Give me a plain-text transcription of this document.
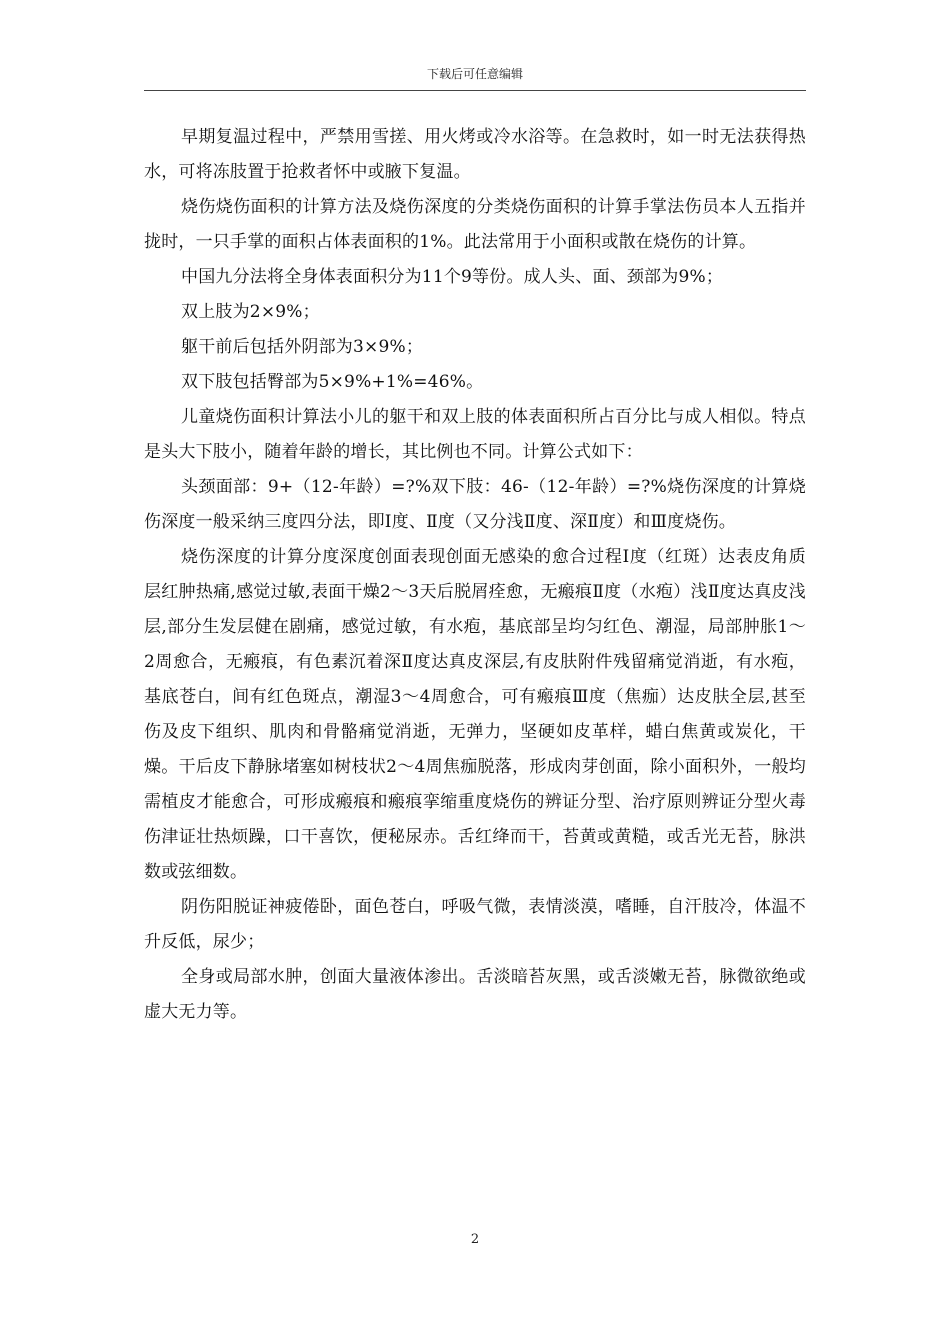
下载后可任意编辑

早期复温过程中，严禁用雪搓、用火烤或冷水浴等。在急救时，如一时无法获得热水，可将冻肢置于抢救者怀中或腋下复温。

烧伤烧伤面积的计算方法及烧伤深度的分类烧伤面积的计算手掌法伤员本人五指并拢时，一只手掌的面积占体表面积的1%。此法常用于小面积或散在烧伤的计算。

中国九分法将全身体表面积分为11个9等份。成人头、面、颈部为9%；

双上肢为2×9%；

躯干前后包括外阴部为3×9%；

双下肢包括臀部为5×9%+1%=46%。

儿童烧伤面积计算法小儿的躯干和双上肢的体表面积所占百分比与成人相似。特点是头大下肢小，随着年龄的增长，其比例也不同。计算公式如下：

头颈面部：9+（12-年龄）=?%双下肢：46-（12-年龄）=?%烧伤深度的计算烧伤深度一般采纳三度四分法，即Ⅰ度、Ⅱ度（又分浅Ⅱ度、深Ⅱ度）和Ⅲ度烧伤。

烧伤深度的计算分度深度创面表现创面无感染的愈合过程Ⅰ度（红斑）达表皮角质层红肿热痛,感觉过敏,表面干燥2～3天后脱屑痊愈，无瘢痕Ⅱ度（水疱）浅Ⅱ度达真皮浅层,部分生发层健在剧痛，感觉过敏，有水疱，基底部呈均匀红色、潮湿，局部肿胀1～2周愈合，无瘢痕，有色素沉着深Ⅱ度达真皮深层,有皮肤附件残留痛觉消逝，有水疱，基底苍白，间有红色斑点，潮湿3～4周愈合，可有瘢痕Ⅲ度（焦痂）达皮肤全层,甚至伤及皮下组织、肌肉和骨骼痛觉消逝，无弹力，坚硬如皮革样，蜡白焦黄或炭化，干燥。干后皮下静脉堵塞如树枝状2～4周焦痂脱落，形成肉芽创面，除小面积外，一般均需植皮才能愈合，可形成瘢痕和瘢痕挛缩重度烧伤的辨证分型、治疗原则辨证分型火毒伤津证壮热烦躁，口干喜饮，便秘尿赤。舌红绛而干，苔黄或黄糙，或舌光无苔，脉洪数或弦细数。

阴伤阳脱证神疲倦卧，面色苍白，呼吸气微，表情淡漠，嗜睡，自汗肢冷，体温不升反低，尿少；

全身或局部水肿，创面大量液体渗出。舌淡暗苔灰黑，或舌淡嫩无苔，脉微欲绝或虚大无力等。

2
